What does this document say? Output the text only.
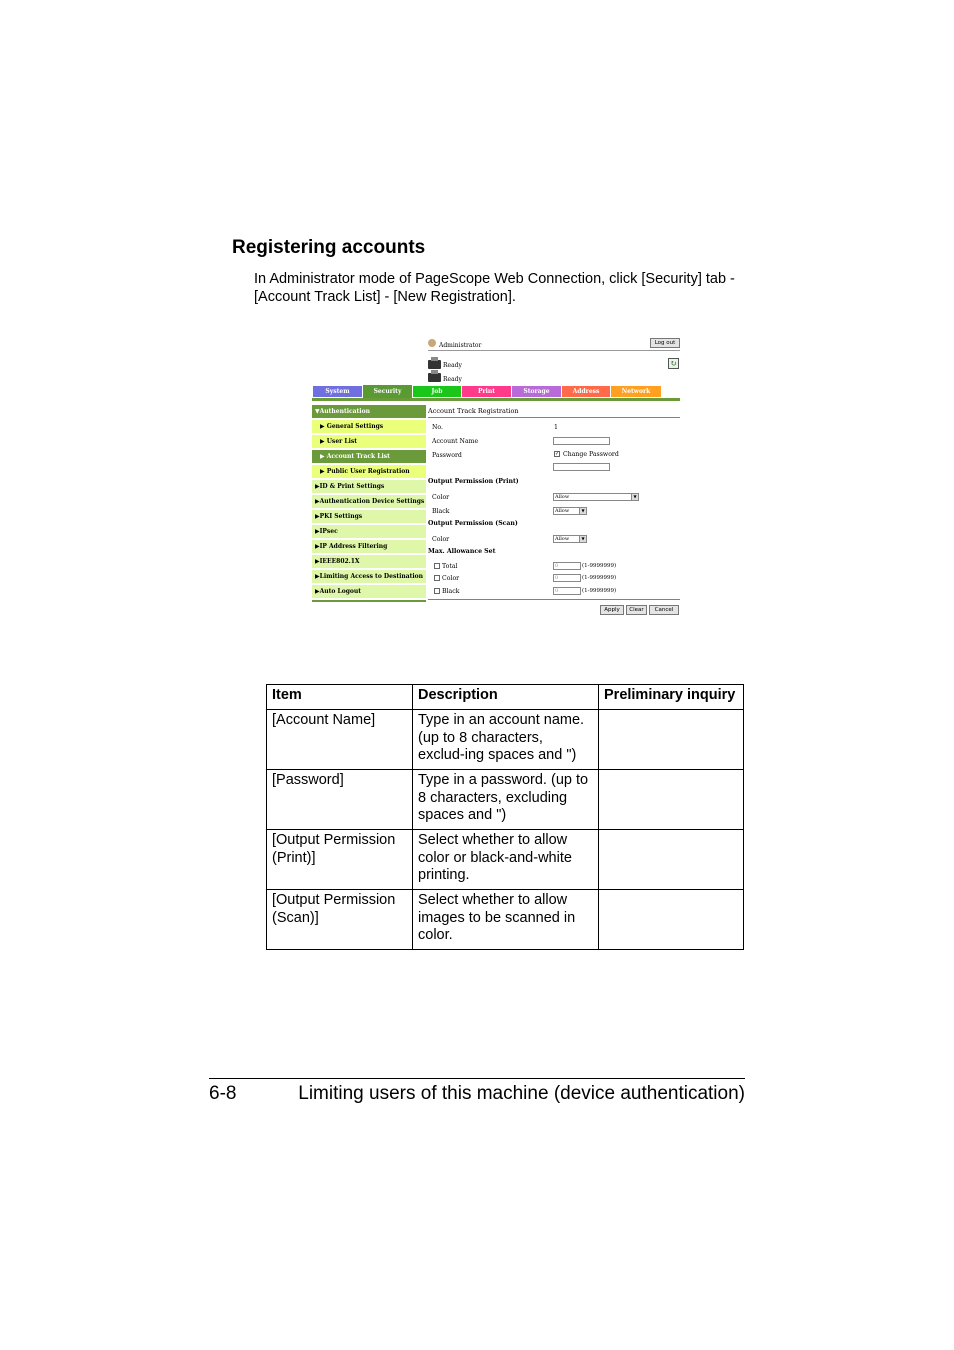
Registering accounts

In Administrator mode of PageScope Web Connection, click [Security] tab - [Account Track List] - [New Registration].

Administrator	Log out
Ready
Ready
↻
System	Security	Job	Print	Storage	Address	Network
▼Authentication
▶ General Settings
▶ User List
▶ Account Track List
▶ Public User Registration
▶ID & Print Settings
▶Authentication Device Settings
▶PKI Settings
▶IPsec
▶IP Address Filtering
▶IEEE802.1X
▶Limiting Access to Destination
▶Auto Logout
Account Track Registration
No.	1
Account Name
Password	✓ Change Password
Output Permission (Print)
Color	Allow	▼
Black	Allow	▼
Output Permission (Scan)
Color	Allow	▼
Max. Allowance Set
Total	0	(1-9999999)
Color	0	(1-9999999)
Black	0	(1-9999999)
Apply	Clear	Cancel
Item	Description	Preliminary inquiry
[Account Name]	Type in an account name. (up to 8 characters, exclud-ing spaces and ")	
[Password]	Type in a password. (up to 8 characters, excluding spaces and ")	
[Output Permission (Print)]	Select whether to allow color or black-and-white printing.	
[Output Permission (Scan)]	Select whether to allow images to be scanned in color.	
6-8	Limiting users of this machine (device authentication)
